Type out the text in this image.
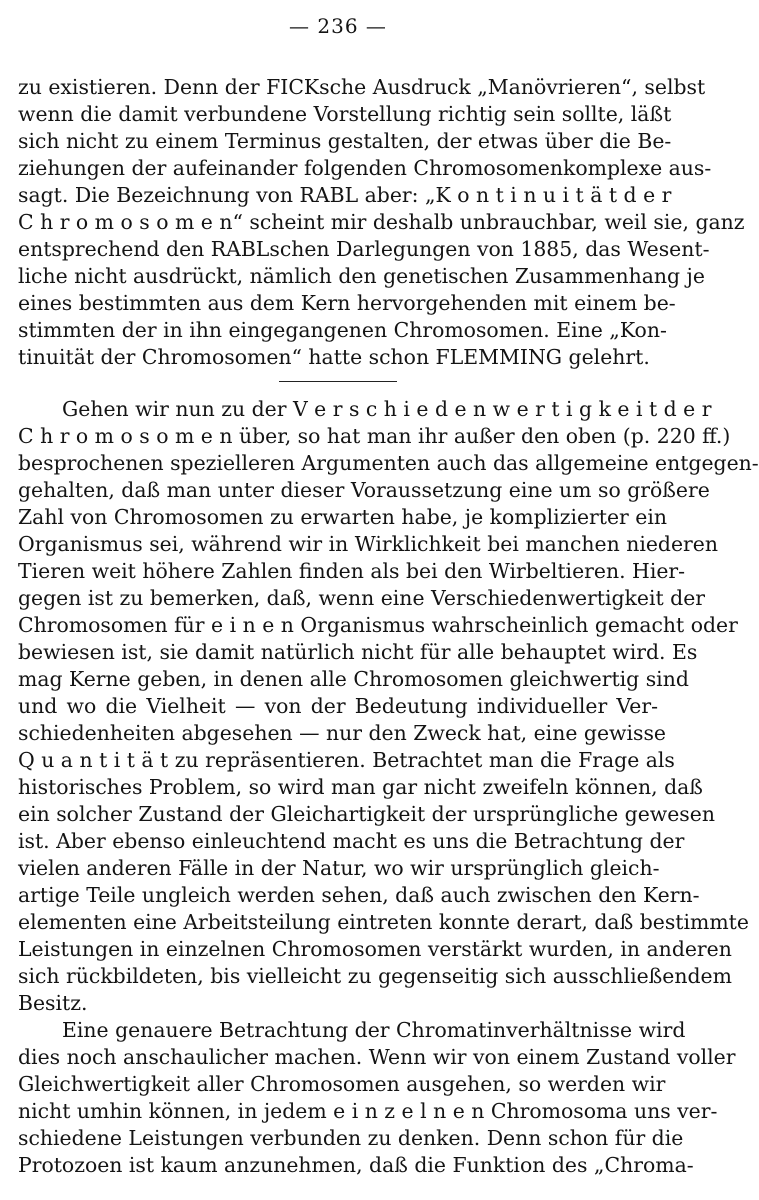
— 236 —
zu existieren. Denn der FICKsche Ausdruck „Manövrieren“, selbst
wenn die damit verbundene Vorstellung richtig sein sollte, läßt
sich nicht zu einem Terminus gestalten, der etwas über die Be-
ziehungen der aufeinander folgenden Chromosomenkomplexe aus-
sagt. Die Bezeichnung von RABL aber: „K o n t i n u i t ä t d e r
C h r o m o s o m e n“ scheint mir deshalb unbrauchbar, weil sie, ganz
entsprechend den RABLschen Darlegungen von 1885, das Wesent-
liche nicht ausdrückt, nämlich den genetischen Zusammenhang je
eines bestimmten aus dem Kern hervorgehenden mit einem be-
stimmten der in ihn eingegangenen Chromosomen. Eine „Kon-
tinuität der Chromosomen“ hatte schon FLEMMING gelehrt.
Gehen wir nun zu der V e r s c h i e d e n w e r t i g k e i t d e r
C h r o m o s o m e n über, so hat man ihr außer den oben (p. 220 ff.)
besprochenen spezielleren Argumenten auch das allgemeine entgegen-
gehalten, daß man unter dieser Voraussetzung eine um so größere
Zahl von Chromosomen zu erwarten habe, je komplizierter ein
Organismus sei, während wir in Wirklichkeit bei manchen niederen
Tieren weit höhere Zahlen finden als bei den Wirbeltieren. Hier-
gegen ist zu bemerken, daß, wenn eine Verschiedenwertigkeit der
Chromosomen für e i n e n Organismus wahrscheinlich gemacht oder
bewiesen ist, sie damit natürlich nicht für alle behauptet wird. Es
mag Kerne geben, in denen alle Chromosomen gleichwertig sind
und wo die Vielheit — von der Bedeutung individueller Ver-
schiedenheiten abgesehen — nur den Zweck hat, eine gewisse
Q u a n t i t ä t zu repräsentieren. Betrachtet man die Frage als
historisches Problem, so wird man gar nicht zweifeln können, daß
ein solcher Zustand der Gleichartigkeit der ursprüngliche gewesen
ist. Aber ebenso einleuchtend macht es uns die Betrachtung der
vielen anderen Fälle in der Natur, wo wir ursprünglich gleich-
artige Teile ungleich werden sehen, daß auch zwischen den Kern-
elementen eine Arbeitsteilung eintreten konnte derart, daß bestimmte
Leistungen in einzelnen Chromosomen verstärkt wurden, in anderen
sich rückbildeten, bis vielleicht zu gegenseitig sich ausschließendem
Besitz.
Eine genauere Betrachtung der Chromatinverhältnisse wird
dies noch anschaulicher machen. Wenn wir von einem Zustand voller
Gleichwertigkeit aller Chromosomen ausgehen, so werden wir
nicht umhin können, in jedem e i n z e l n e n Chromosoma uns ver-
schiedene Leistungen verbunden zu denken. Denn schon für die
Protozoen ist kaum anzunehmen, daß die Funktion des „Chroma-
